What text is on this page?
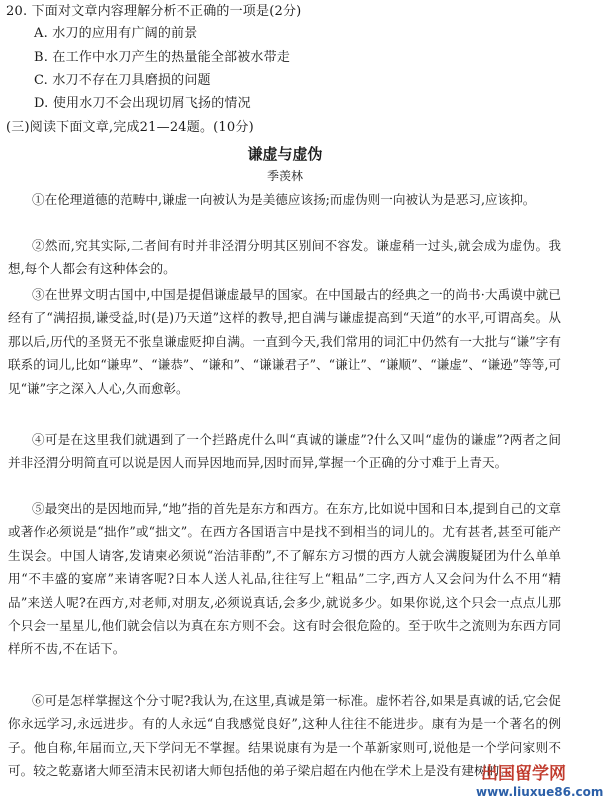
20. 下面对文章内容理解分析不正确的一项是(2分)
A. 水刀的应用有广阔的前景
B. 在工作中水刀产生的热量能全部被水带走
C. 水刀不存在刀具磨损的问题
D. 使用水刀不会出现切屑飞扬的情况
(三)阅读下面文章,完成21—24题。(10分)
谦虚与虚伪
季羡林

①在伦理道德的范畴中,谦虚一向被认为是美德应该扬;而虚伪则一向被认为是恶习,应该抑。

②然而,究其实际,二者间有时并非泾渭分明其区别间不容发。谦虚稍一过头,就会成为虚伪。我想,每个人都会有这种体会的。

③在世界文明古国中,中国是提倡谦虚最早的国家。在中国最古的经典之一的尚书·大禹谟中就已经有了“满招损,谦受益,时(是)乃天道”这样的教导,把自满与谦虚提高到“天道”的水平,可谓高矣。从那以后,历代的圣贤无不张皇谦虚贬抑自满。一直到今天,我们常用的词汇中仍然有一大批与“谦”字有联系的词儿,比如“谦卑”、“谦恭”、“谦和”、“谦谦君子”、“谦让”、“谦顺”、“谦虚”、“谦逊”等等,可见“谦”字之深入人心,久而愈彰。

④可是在这里我们就遇到了一个拦路虎什么叫“真诚的谦虚”?什么又叫“虚伪的谦虚”?两者之间并非泾渭分明简直可以说是因人而异因地而异,因时而异,掌握一个正确的分寸难于上青天。

⑤最突出的是因地而异,“地”指的首先是东方和西方。在东方,比如说中国和日本,提到自己的文章或著作必须说是“拙作”或“拙文”。在西方各国语言中是找不到相当的词儿的。尤有甚者,甚至可能产生误会。中国人请客,发请柬必须说“治洁菲酌”,不了解东方习惯的西方人就会满腹疑团为什么单单用“不丰盛的宴席”来请客呢?日本人送人礼品,往往写上“粗品”二字,西方人又会问为什么不用“精品”来送人呢?在西方,对老师,对朋友,必须说真话,会多少,就说多少。如果你说,这个只会一点点儿那个只会一星星儿,他们就会信以为真在东方则不会。这有时会很危险的。至于吹牛之流则为东西方同样所不齿,不在话下。

⑥可是怎样掌握这个分寸呢?我认为,在这里,真诚是第一标准。虚怀若谷,如果是真诚的话,它会促你永远学习,永远进步。有的人永远“自我感觉良好”,这种人往往不能进步。康有为是一个著名的例子。他自称,年届而立,天下学问无不掌握。结果说康有为是一个革新家则可,说他是一个学问家则不可。较之乾嘉诸大师至清末民初诸大师包括他的弟子梁启超在内他在学术上是没有建树的。

出国留学网
www.liuxue86.com
